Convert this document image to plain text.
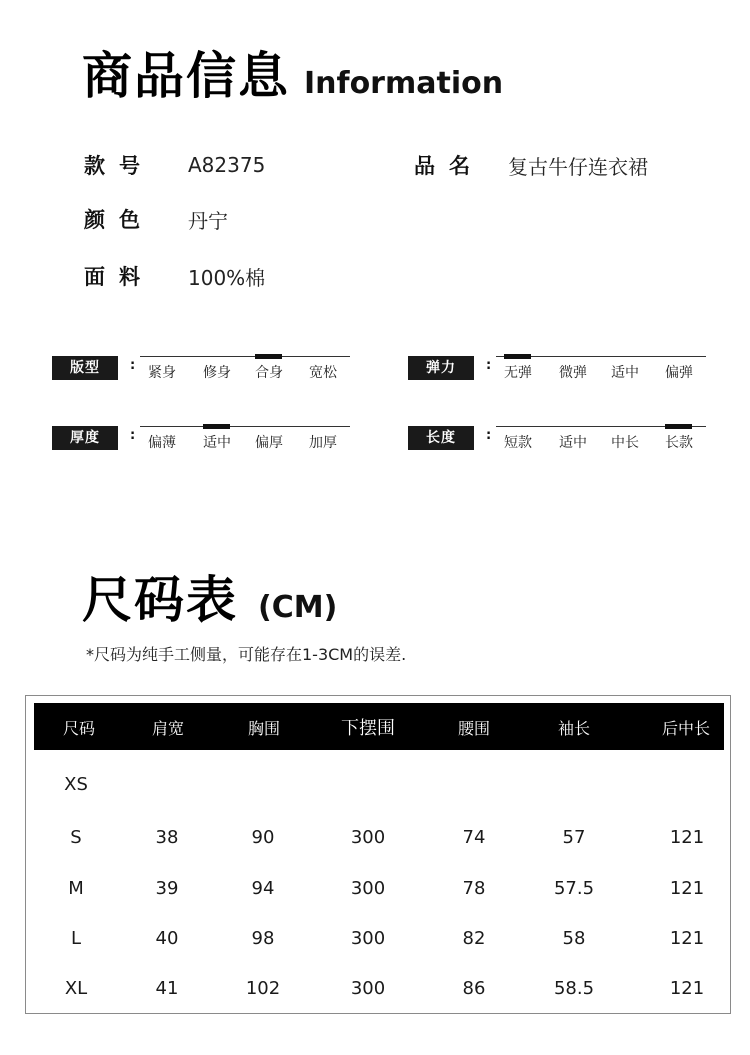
商品信息 Information
款号	A82375	品名	复古牛仔连衣裙
颜色	丹宁
面料	100%棉
版型	: 紧身 修身 合身 宽松	弹力	: 无弹 微弹 适中 偏弹
厚度	: 偏薄 适中 偏厚 加厚	长度	: 短款 适中 中长 长款
尺码表 (CM)
*尺码为纯手工侧量，可能存在1-3CM的误差.
尺码	肩宽	胸围	下摆围	腰围	袖长	后中长
XS
S	38	90	300	74	57	121
M	39	94	300	78	57.5	121
L	40	98	300	82	58	121
XL	41	102	300	86	58.5	121
